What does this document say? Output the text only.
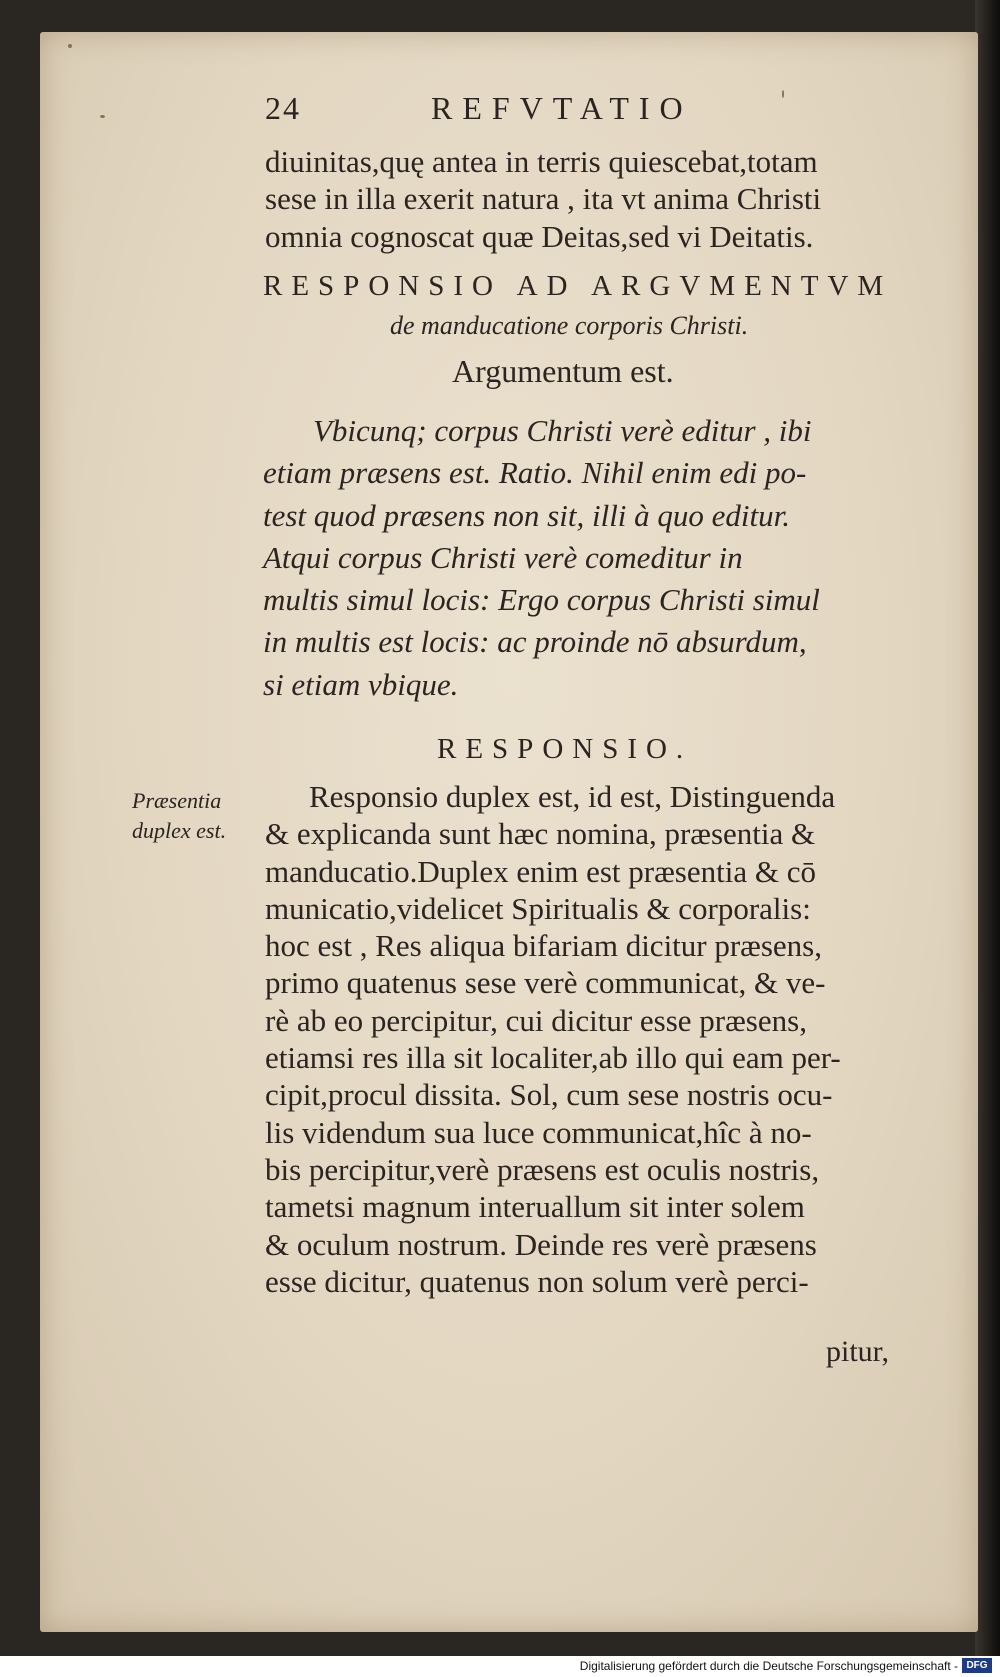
24	REFVTATIO
diuinitas,quę antea in terris quiescebat,totam
sese in illa exerit natura , ita vt anima Christi
omnia cognoscat quæ Deitas,sed vi Deitatis.
RESPONSIO AD ARGVMENTVM
de manducatione corporis Christi.
Argumentum est.
Vbicunq; corpus Christi verè editur , ibi
etiam præsens est. Ratio. Nihil enim edi po-
test quod præsens non sit, illi à quo editur.
Atqui corpus Christi verè comeditur in
multis simul locis: Ergo corpus Christi simul
in multis est locis: ac proinde nō absurdum,
si etiam vbique.
RESPONSIO.
Præsentia
duplex est.
Responsio duplex est, id est, Distinguenda
& explicanda sunt hæc nomina, præsentia &
manducatio.Duplex enim est præsentia & cō
municatio,videlicet Spiritualis & corporalis:
hoc est , Res aliqua bifariam dicitur præsens,
primo quatenus sese verè communicat, & ve-
rè ab eo percipitur, cui dicitur esse præsens,
etiamsi res illa sit localiter,ab illo qui eam per-
cipit,procul dissita. Sol, cum sese nostris ocu-
lis videndum sua luce communicat,hîc à no-
bis percipitur,verè præsens est oculis nostris,
tametsi magnum interuallum sit inter solem
& oculum nostrum. Deinde res verè præsens
esse dicitur, quatenus non solum verè perci-
pitur,
Digitalisierung gefördert durch die Deutsche Forschungsgemeinschaft - DFG
